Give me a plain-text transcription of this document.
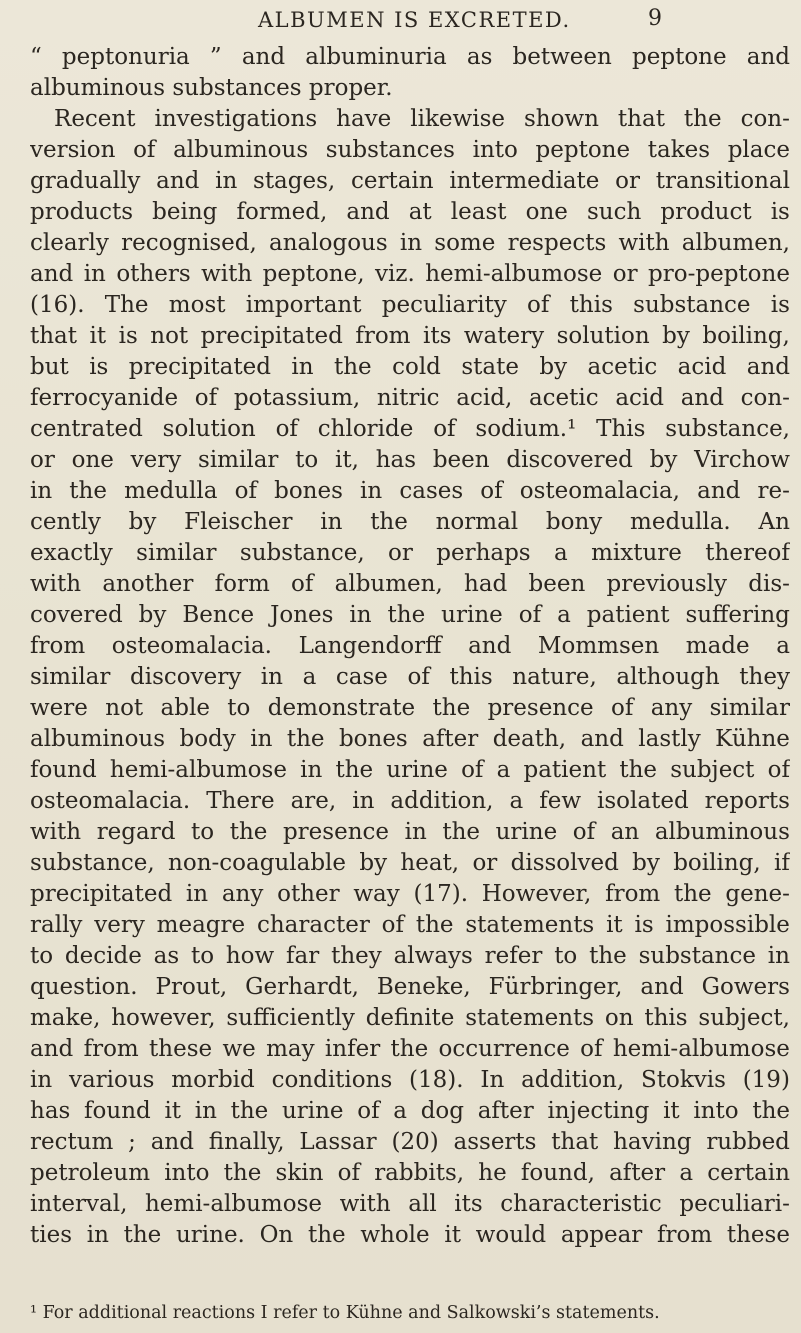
ALBUMEN IS EXCRETED.	9
“ peptonuria ” and albuminuria as between peptone and
albuminous substances proper.
Recent investigations have likewise shown that the con-
version of albuminous substances into peptone takes place
gradually and in stages, certain intermediate or transitional
products being formed, and at least one such product is
clearly recognised, analogous in some respects with albumen,
and in others with peptone, viz. hemi-albumose or pro-peptone
(16). The most important peculiarity of this substance is
that it is not precipitated from its watery solution by boiling,
but is precipitated in the cold state by acetic acid and
ferrocyanide of potassium, nitric acid, acetic acid and con-
centrated solution of chloride of sodium.¹ This substance,
or one very similar to it, has been discovered by Virchow
in the medulla of bones in cases of osteomalacia, and re-
cently by Fleischer in the normal bony medulla. An
exactly similar substance, or perhaps a mixture thereof
with another form of albumen, had been previously dis-
covered by Bence Jones in the urine of a patient suffering
from osteomalacia. Langendorff and Mommsen made a
similar discovery in a case of this nature, although they
were not able to demonstrate the presence of any similar
albuminous body in the bones after death, and lastly Kühne
found hemi-albumose in the urine of a patient the subject of
osteomalacia. There are, in addition, a few isolated reports
with regard to the presence in the urine of an albuminous
substance, non-coagulable by heat, or dissolved by boiling, if
precipitated in any other way (17). However, from the gene-
rally very meagre character of the statements it is impossible
to decide as to how far they always refer to the substance in
question. Prout, Gerhardt, Beneke, Fürbringer, and Gowers
make, however, sufficiently definite statements on this subject,
and from these we may infer the occurrence of hemi-albumose
in various morbid conditions (18). In addition, Stokvis (19)
has found it in the urine of a dog after injecting it into the
rectum ; and finally, Lassar (20) asserts that having rubbed
petroleum into the skin of rabbits, he found, after a certain
interval, hemi-albumose with all its characteristic peculiari-
ties in the urine. On the whole it would appear from these
¹ For additional reactions I refer to Kühne and Salkowski’s statements.
